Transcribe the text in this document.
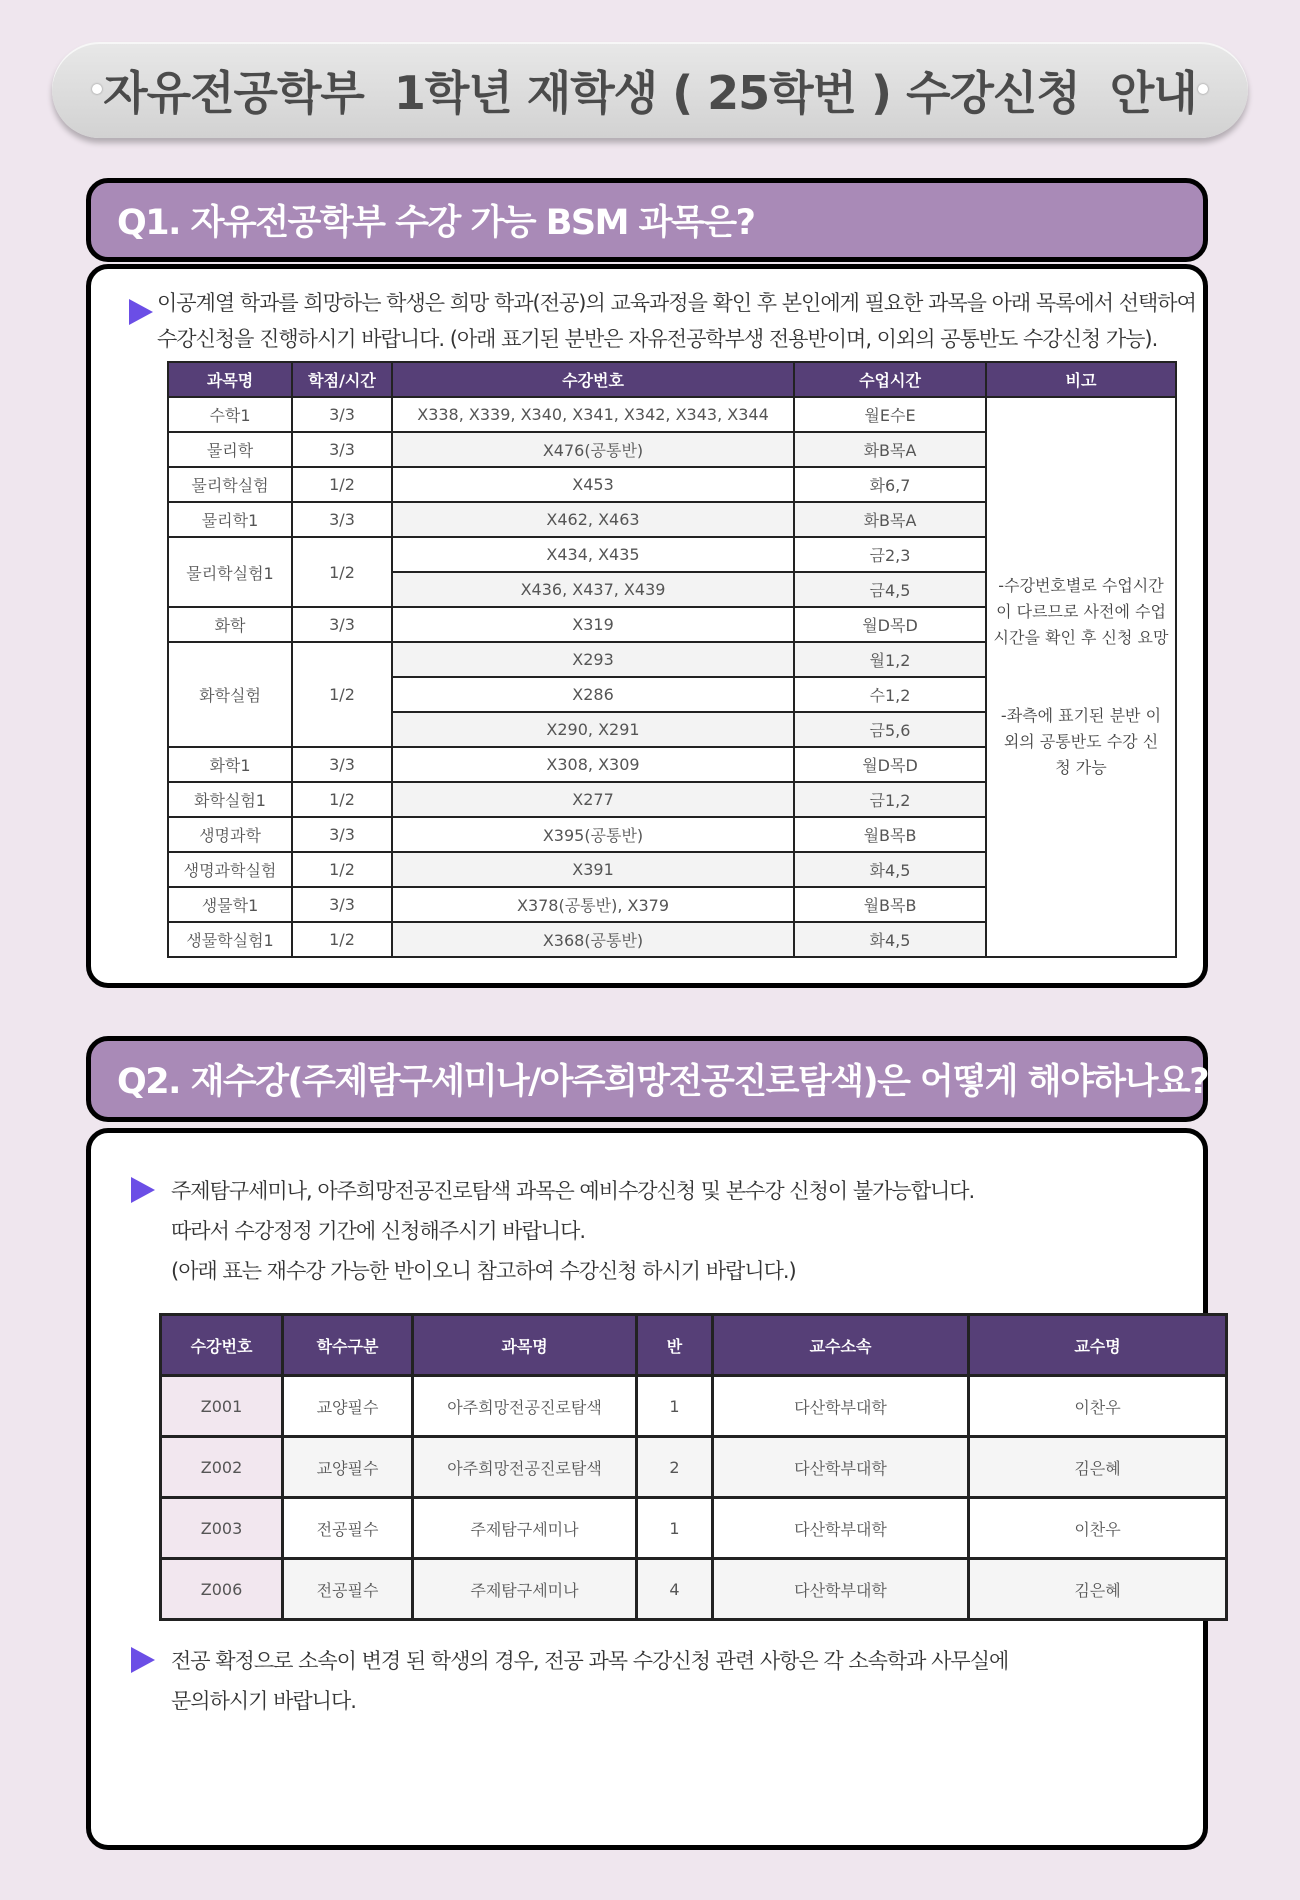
자유전공학부  1학년 재학생 ( 25학번 ) 수강신청  안내
Q1. 자유전공학부 수강 가능 BSM 과목은?
이공계열 학과를 희망하는 학생은 희망 학과(전공)의 교육과정을 확인 후 본인에게 필요한 과목을 아래 목록에서 선택하여
수강신청을 진행하시기 바랍니다. (아래 표기된 분반은 자유전공학부생 전용반이며, 이외의 공통반도 수강신청 가능).
과목명	학점/시간	수강번호	수업시간	비고
수학1	3/3	X338, X339, X340, X341, X342, X343, X344	월E수E	-수강번호별로 수업시간이 다르므로 사전에 수업시간을 확인 후 신청 요망
-좌측에 표기된 분반 이외의 공통반도 수강 신청 가능

물리학	3/3	X476(공통반)	화B목A	
물리학실험	1/2	X453	화6,7	
물리학1	3/3	X462, X463	화B목A	
물리학실험1	1/2	X434, X435	금2,3	
		X436, X437, X439	금4,5	
화학	3/3	X319	월D목D	
화학실험	1/2	X293	월1,2	
		X286	수1,2	
		X290, X291	금5,6	
화학1	3/3	X308, X309	월D목D	
화학실험1	1/2	X277	금1,2	
생명과학	3/3	X395(공통반)	월B목B	
생명과학실험	1/2	X391	화4,5	
생물학1	3/3	X378(공통반), X379	월B목B	
생물학실험1	1/2	X368(공통반)	화4,5	
Q2. 재수강(주제탐구세미나/아주희망전공진로탐색)은 어떻게 해야하나요?
주제탐구세미나, 아주희망전공진로탐색 과목은 예비수강신청 및 본수강 신청이 불가능합니다.
따라서 수강정정 기간에 신청해주시기 바랍니다.
(아래 표는 재수강 가능한 반이오니 참고하여 수강신청 하시기 바랍니다.)
수강번호	학수구분	과목명	반	교수소속	교수명
Z001	교양필수	아주희망전공진로탐색	1	다산학부대학	이찬우
Z002	교양필수	아주희망전공진로탐색	2	다산학부대학	김은혜
Z003	전공필수	주제탐구세미나	1	다산학부대학	이찬우
Z006	전공필수	주제탐구세미나	4	다산학부대학	김은혜
전공 확정으로 소속이 변경 된 학생의 경우, 전공 과목 수강신청 관련 사항은 각 소속학과 사무실에
문의하시기 바랍니다.
